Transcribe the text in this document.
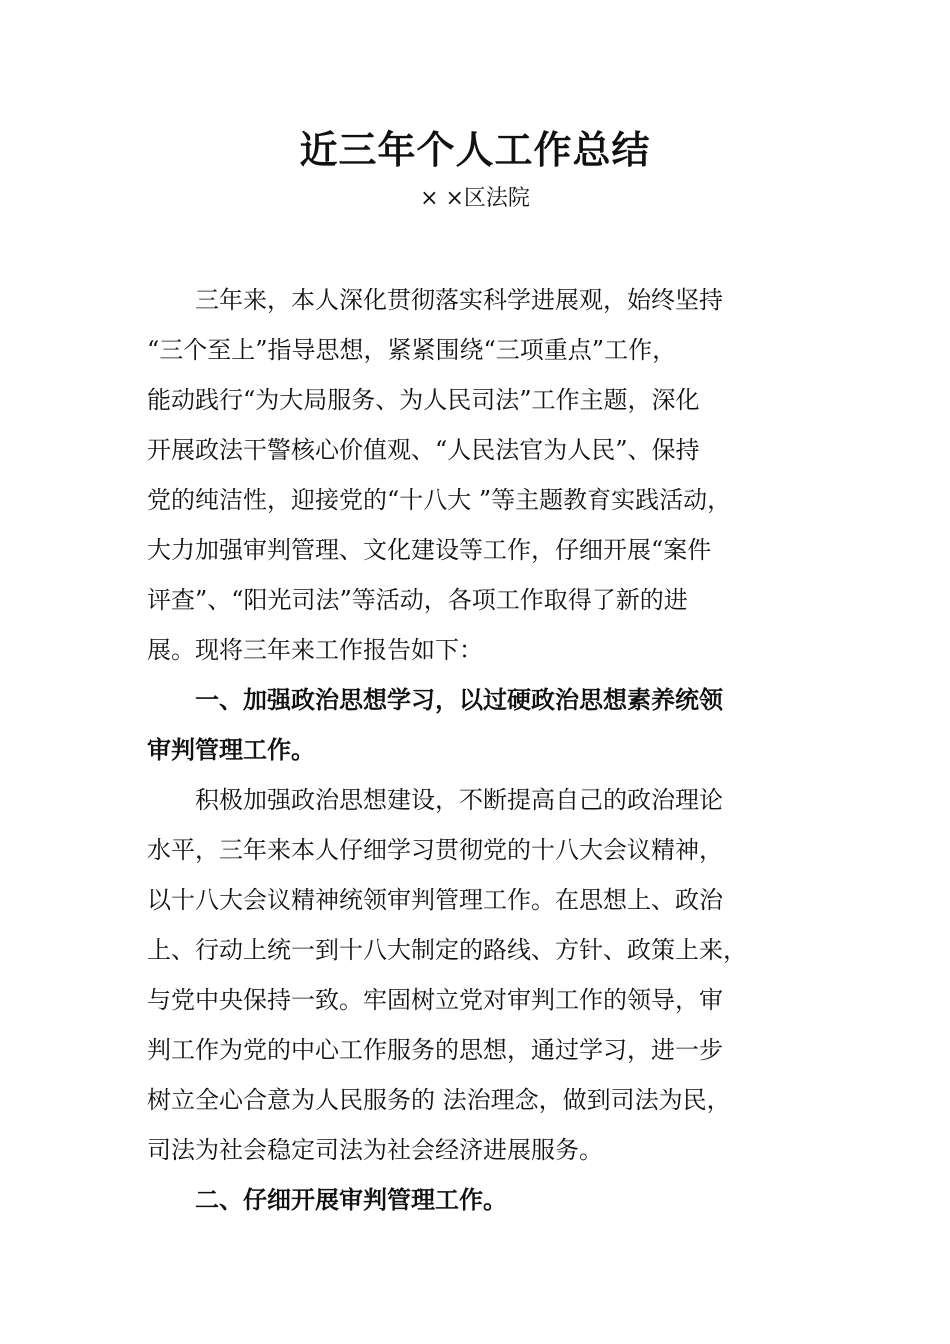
近三年个人工作总结
× ×区法院
三年来，本人深化贯彻落实科学进展观，始终坚持
“三个至上”指导思想，紧紧围绕“三项重点”工作，
能动践行“为大局服务、为人民司法”工作主题，深化
开展政法干警核心价值观、“人民法官为人民”、保持
党的纯洁性，迎接党的“十八大 ”等主题教育实践活动，
大力加强审判管理、文化建设等工作，仔细开展“案件
评查”、“阳光司法”等活动，各项工作取得了新的进
展。现将三年来工作报告如下：
一、加强政治思想学习，以过硬政治思想素养统领
审判管理工作。
积极加强政治思想建设，不断提高自己的政治理论
水平，三年来本人仔细学习贯彻党的十八大会议精神，
以十八大会议精神统领审判管理工作。在思想上、政治
上、行动上统一到十八大制定的路线、方针、政策上来，
与党中央保持一致。牢固树立党对审判工作的领导，审
判工作为党的中心工作服务的思想，通过学习，进一步
树立全心合意为人民服务的 法治理念，做到司法为民，
司法为社会稳定司法为社会经济进展服务。
二、仔细开展审判管理工作。
